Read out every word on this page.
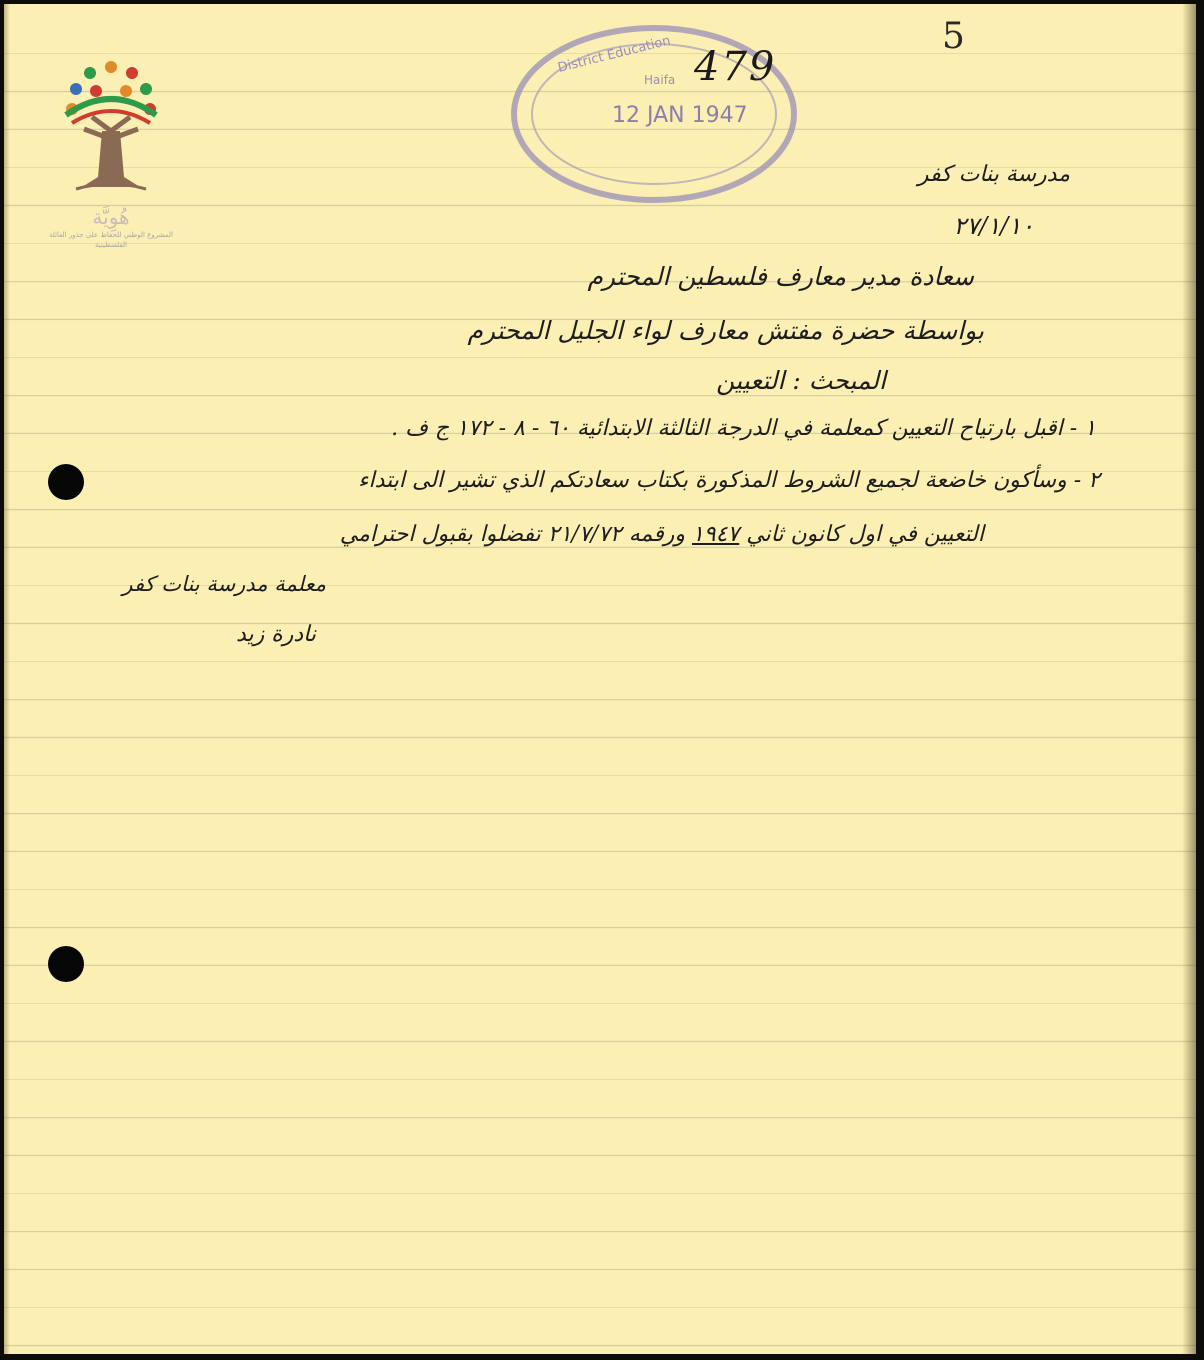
هُوِيَّة
المشروع الوطني للحفاظ على جذور العائلة الفلسطينية
District Education
Haifa
12 JAN 1947
479
5
مدرسة بنات كفر
٢٧/١/١٠
سعادة مدير معارف فلسطين المحترم
بواسطة حضرة مفتش معارف لواء الجليل المحترم
المبحث : التعيين
١ - اقبل بارتياح التعيين كمعلمة في الدرجة الثالثة الابتدائية ٦٠ - ٨ - ١٧٢ ج ف .
٢ - وسأكون خاضعة لجميع الشروط المذكورة بكتاب سعادتكم الذي تشير الى ابتداء
التعيين في اول كانون ثاني ١٩٤٧ ورقمه ٢١/٧/٧٢ تفضلوا بقبول احترامي
معلمة مدرسة بنات كفر
نادرة زيد
